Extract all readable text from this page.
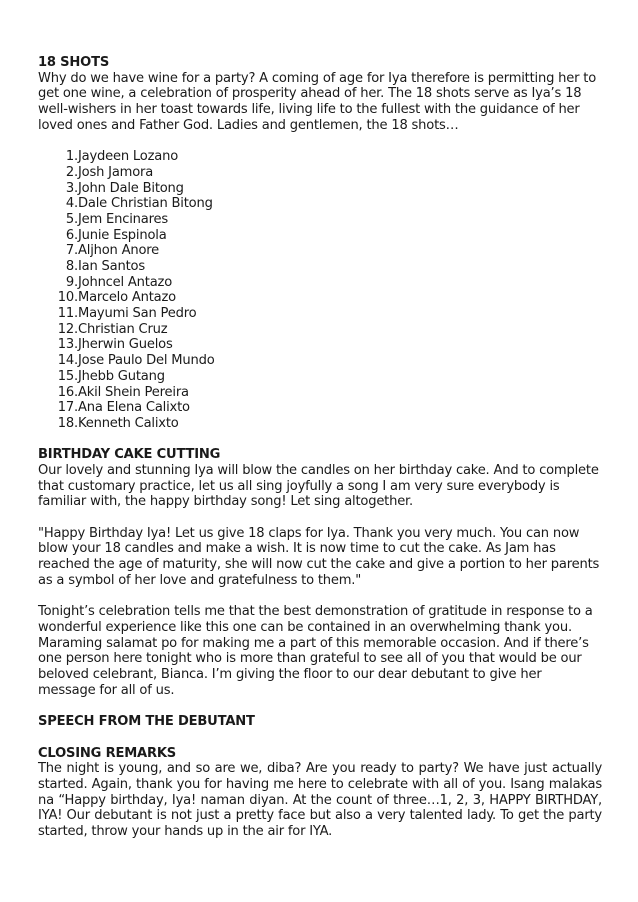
18 SHOTS

Why do we have wine for a party? A coming of age for Iya therefore is permitting her to get one wine, a celebration of prosperity ahead of her. The 18 shots serve as Iya’s 18 well-wishers in her toast towards life, living life to the fullest with the guidance of her loved ones and Father God. Ladies and gentlemen, the 18 shots…

1. Jaydeen Lozano
2. Josh Jamora
3. John Dale Bitong
4. Dale Christian Bitong
5. Jem Encinares
6. Junie Espinola
7. Aljhon Anore
8. Ian Santos
9. Johncel Antazo
10. Marcelo Antazo
11. Mayumi San Pedro
12. Christian Cruz
13. Jherwin Guelos
14. Jose Paulo Del Mundo
15. Jhebb Gutang
16. Akil Shein Pereira
17. Ana Elena Calixto
18. Kenneth Calixto

BIRTHDAY CAKE CUTTING

Our lovely and stunning Iya will blow the candles on her birthday cake. And to complete that customary practice, let us all sing joyfully a song I am very sure everybody is familiar with, the happy birthday song! Let sing altogether.

"Happy Birthday Iya! Let us give 18 claps for Iya. Thank you very much. You can now blow your 18 candles and make a wish. It is now time to cut the cake. As Jam has reached the age of maturity, she will now cut the cake and give a portion to her parents as a symbol of her love and gratefulness to them."

Tonight’s celebration tells me that the best demonstration of gratitude in response to a wonderful experience like this one can be contained in an overwhelming thank you. Maraming salamat po for making me a part of this memorable occasion. And if there’s one person here tonight who is more than grateful to see all of you that would be our beloved celebrant, Bianca. I’m giving the floor to our dear debutant to give her message for all of us.

SPEECH FROM THE DEBUTANT

CLOSING REMARKS

The night is young, and so are we, diba? Are you ready to party? We have just actually started. Again, thank you for having me here to celebrate with all of you. Isang malakas na “Happy birthday, Iya! naman diyan. At the count of three…1, 2, 3, HAPPY BIRTHDAY, IYA! Our debutant is not just a pretty face but also a very talented lady. To get the party started, throw your hands up in the air for IYA.
